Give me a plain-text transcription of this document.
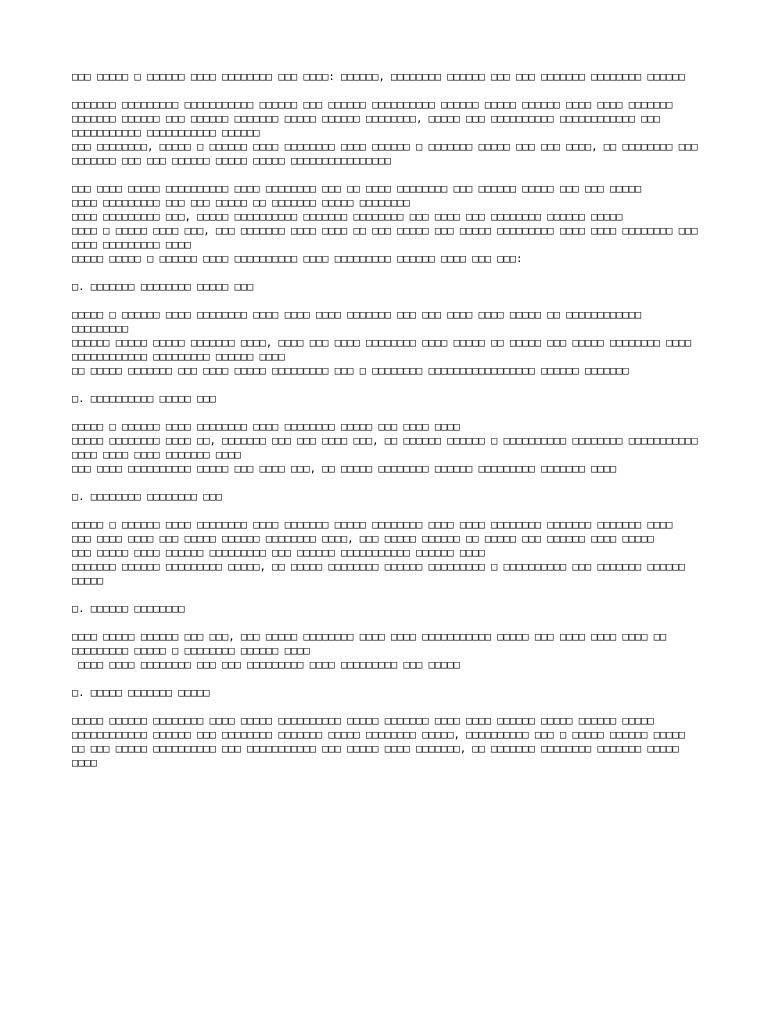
□□□ □□□□□ □ □□□□□□ □□□□ □□□□□□□□ □□□ □□□□: □□□□□□, □□□□□□□□ □□□□□□ □□□ □□□ □□□□□□□ □□□□□□□□ □□□□□□

□□□□□□□ □□□□□□□□□ □□□□□□□□□□□ □□□□□□ □□□ □□□□□□ □□□□□□□□□□ □□□□□□ □□□□□ □□□□□□ □□□□ □□□□ □□□□□□□
□□□□□□□ □□□□□□ □□□ □□□□□□ □□□□□□□ □□□□□ □□□□□□ □□□□□□□□, □□□□□ □□□ □□□□□□□□□□ □□□□□□□□□□□□ □□□ □□□□□□□□□□□ □□□□□□□□□□□ □□□□□□
□□□ □□□□□□□□, □□□□□ □ □□□□□□ □□□□ □□□□□□□□ □□□□ □□□□□□ □ □□□□□□□ □□□□□ □□□ □□□ □□□□, □□ □□□□□□□□ □□□ □□□□□□□ □□□ □□□ □□□□□□ □□□□□ □□□□□ □□□□□□□□□□□□□□□□

□□□ □□□□ □□□□□ □□□□□□□□□□ □□□□ □□□□□□□□ □□□ □□ □□□□ □□□□□□□□ □□□ □□□□□□ □□□□□ □□□ □□□ □□□□□
□□□□ □□□□□□□□□ □□□ □□□ □□□□□ □□ □□□□□□□ □□□□□ □□□□□□□□
□□□□ □□□□□□□□□ □□□, □□□□□ □□□□□□□□□□ □□□□□□□ □□□□□□□□ □□□ □□□□ □□□ □□□□□□□□ □□□□□□ □□□□□
□□□□ □ □□□□□ □□□□ □□□, □□□ □□□□□□□ □□□□ □□□□ □□ □□□ □□□□□ □□□ □□□□□ □□□□□□□□□ □□□□ □□□□ □□□□□□□□ □□□ □□□□ □□□□□□□□□ □□□□
□□□□□ □□□□□ □ □□□□□□ □□□□ □□□□□□□□□□ □□□□ □□□□□□□□□ □□□□□□ □□□□ □□□ □□□:

□. □□□□□□□ □□□□□□□□ □□□□□ □□□

□□□□□ □ □□□□□□ □□□□ □□□□□□□□ □□□□ □□□□ □□□□ □□□□□□□ □□□ □□□ □□□□ □□□□ □□□□□ □□ □□□□□□□□□□□□ □□□□□□□□□
□□□□□□ □□□□□ □□□□□ □□□□□□□ □□□□, □□□□ □□□ □□□□ □□□□□□□□ □□□□ □□□□□ □□ □□□□□ □□□ □□□□□ □□□□□□□□ □□□□ □□□□□□□□□□□□ □□□□□□□□□ □□□□□□ □□□□
□□ □□□□□ □□□□□□□ □□□ □□□□ □□□□□ □□□□□□□□□ □□□ □ □□□□□□□□ □□□□□□□□□□□□□□□□□ □□□□□□ □□□□□□□

□. □□□□□□□□□□ □□□□□ □□□

□□□□□ □ □□□□□□ □□□□ □□□□□□□□ □□□□ □□□□□□□□ □□□□□ □□□ □□□□ □□□□
□□□□□ □□□□□□□□ □□□□ □□, □□□□□□□ □□□ □□□ □□□□ □□□, □□ □□□□□□ □□□□□□ □ □□□□□□□□□□ □□□□□□□□ □□□□□□□□□□□ □□□□ □□□□ □□□□ □□□□□□□ □□□□
□□□ □□□□ □□□□□□□□□□ □□□□□ □□□ □□□□ □□□, □□ □□□□□ □□□□□□□□ □□□□□□ □□□□□□□□□ □□□□□□□ □□□□

□. □□□□□□□□ □□□□□□□□ □□□

□□□□□ □ □□□□□□ □□□□ □□□□□□□□ □□□□ □□□□□□□ □□□□□ □□□□□□□□ □□□□ □□□□ □□□□□□□□ □□□□□□□ □□□□□□□ □□□□
□□□ □□□□ □□□□ □□□ □□□□□ □□□□□□ □□□□□□□□ □□□□, □□□ □□□□□ □□□□□□ □□ □□□□□ □□□ □□□□□□ □□□□ □□□□□
□□□ □□□□□ □□□□ □□□□□□ □□□□□□□□□ □□□ □□□□□□ □□□□□□□□□□□ □□□□□□ □□□□
□□□□□□□ □□□□□□ □□□□□□□□□ □□□□□, □□ □□□□□ □□□□□□□□ □□□□□□ □□□□□□□□□ □ □□□□□□□□□□ □□□ □□□□□□□ □□□□□□ □□□□□

□. □□□□□□ □□□□□□□□

□□□□ □□□□□ □□□□□□ □□□ □□□, □□□ □□□□□ □□□□□□□□ □□□□ □□□□ □□□□□□□□□□□ □□□□□ □□□ □□□□ □□□□ □□□□ □□ □□□□□□□□□ □□□□□ □ □□□□□□□□ □□□□□□ □□□□
□□□□ □□□□ □□□□□□□□ □□□ □□□ □□□□□□□□□ □□□□ □□□□□□□□□ □□□ □□□□□

□. □□□□□ □□□□□□□ □□□□□

□□□□□ □□□□□□ □□□□□□□□ □□□□ □□□□□ □□□□□□□□□□ □□□□□ □□□□□□□ □□□□ □□□□ □□□□□□ □□□□□ □□□□□□ □□□□□ □□□□□□□□□□□□ □□□□□□ □□□ □□□□□□□□ □□□□□□□ □□□□□ □□□□□□□□ □□□□□, □□□□□□□□□□ □□□ □ □□□□□ □□□□□□ □□□□□
□□ □□□ □□□□□ □□□□□□□□□□ □□□ □□□□□□□□□□□ □□□ □□□□□ □□□□ □□□□□□□, □□ □□□□□□□ □□□□□□□□ □□□□□□□ □□□□□ □□□□
